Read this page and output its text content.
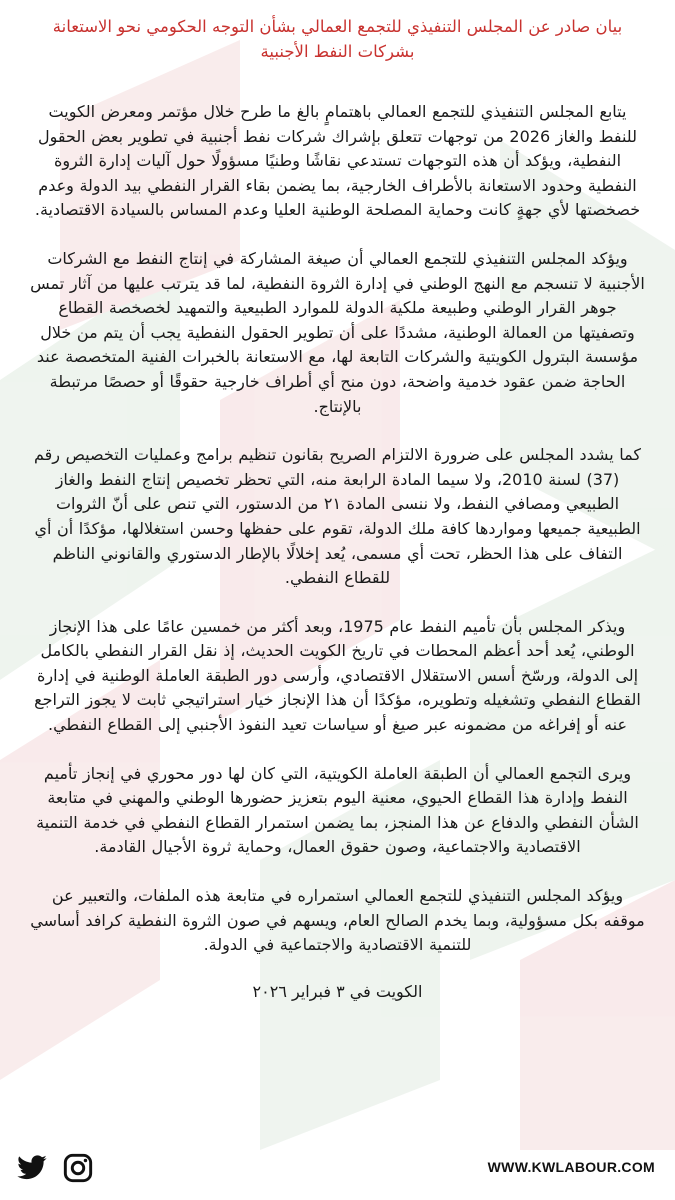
بيان صادر عن المجلس التنفيذي للتجمع العمالي بشأن التوجه الحكومي نحو الاستعانة بشركات النفط الأجنبية

يتابع المجلس التنفيذي للتجمع العمالي باهتمامٍ بالغ ما طرح خلال مؤتمر ومعرض الكويت للنفط والغاز 2026 من توجهات تتعلق بإشراك شركات نفط أجنبية في تطوير بعض الحقول النفطية، ويؤكد أن هذه التوجهات تستدعي نقاشًا وطنيًا مسؤولًا حول آليات إدارة الثروة النفطية وحدود الاستعانة بالأطراف الخارجية، بما يضمن بقاء القرار النفطي بيد الدولة وعدم خصخصتها لأي جهةٍ كانت وحماية المصلحة الوطنية العليا وعدم المساس بالسيادة الاقتصادية.

ويؤكد المجلس التنفيذي للتجمع العمالي أن صيغة المشاركة في إنتاج النفط مع الشركات الأجنبية لا تنسجم مع النهج الوطني في إدارة الثروة النفطية، لما قد يترتب عليها من آثار تمس جوهر القرار الوطني وطبيعة ملكية الدولة للموارد الطبيعية والتمهيد لخصخصة القطاع وتصفيتها من العمالة الوطنية، مشددًا على أن تطوير الحقول النفطية يجب أن يتم من خلال مؤسسة البترول الكويتية والشركات التابعة لها، مع الاستعانة بالخبرات الفنية المتخصصة عند الحاجة ضمن عقود خدمية واضحة، دون منح أي أطراف خارجية حقوقًا أو حصصًا مرتبطة بالإنتاج.

كما يشدد المجلس على ضرورة الالتزام الصريح بقانون تنظيم برامج وعمليات التخصيص رقم (37) لسنة 2010، ولا سيما المادة الرابعة منه، التي تحظر تخصيص إنتاج النفط والغاز الطبيعي ومصافي النفط، ولا ننسى المادة ٢١ من الدستور، التي تنص على أنّ الثروات الطبيعية جميعها ومواردها كافة ملك الدولة، تقوم على حفظها وحسن استغلالها، مؤكدًا أن أي التفاف على هذا الحظر، تحت أي مسمى، يُعد إخلالًا بالإطار الدستوري والقانوني الناظم للقطاع النفطي.

ويذكر المجلس بأن تأميم النفط عام 1975، وبعد أكثر من خمسين عامًا على هذا الإنجاز الوطني، يُعد أحد أعظم المحطات في تاريخ الكويت الحديث، إذ نقل القرار النفطي بالكامل إلى الدولة، ورسّخ أسس الاستقلال الاقتصادي، وأرسى دور الطبقة العاملة الوطنية في إدارة القطاع النفطي وتشغيله وتطويره، مؤكدًا أن هذا الإنجاز خيار استراتيجي ثابت لا يجوز التراجع عنه أو إفراغه من مضمونه عبر صيغ أو سياسات تعيد النفوذ الأجنبي إلى القطاع النفطي.

ويرى التجمع العمالي أن الطبقة العاملة الكويتية، التي كان لها دور محوري في إنجاز تأميم النفط وإدارة هذا القطاع الحيوي، معنية اليوم بتعزيز حضورها الوطني والمهني في متابعة الشأن النفطي والدفاع عن هذا المنجز، بما يضمن استمرار القطاع النفطي في خدمة التنمية الاقتصادية والاجتماعية، وصون حقوق العمال، وحماية ثروة الأجيال القادمة.

ويؤكد المجلس التنفيذي للتجمع العمالي استمراره في متابعة هذه الملفات، والتعبير عن موقفه بكل مسؤولية، وبما يخدم الصالح العام، ويسهم في صون الثروة النفطية كرافد أساسي للتنمية الاقتصادية والاجتماعية في الدولة.

الكويت في ٣ فبراير ٢٠٢٦
WWW.KWLABOUR.COM
